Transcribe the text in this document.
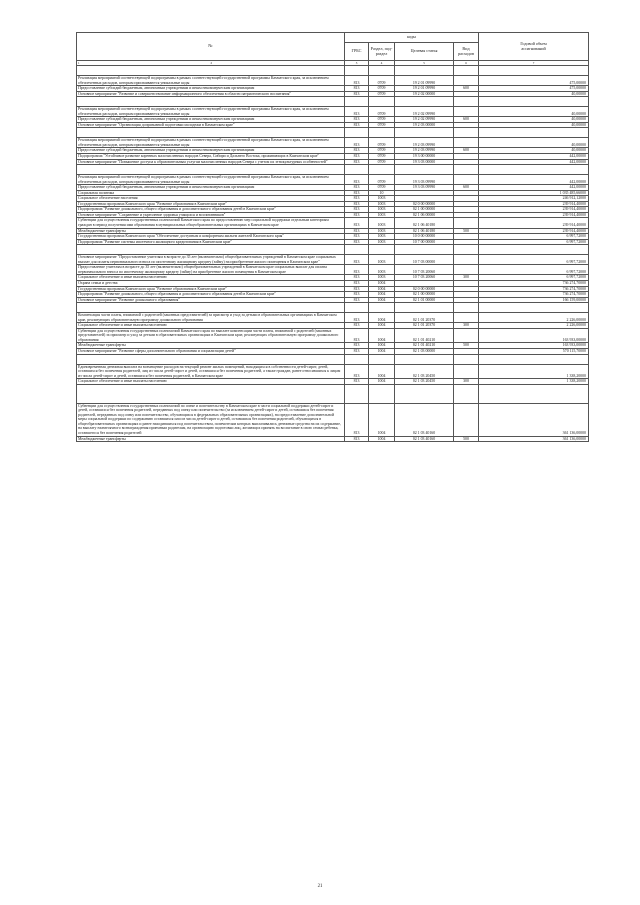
№	коды				Годовой объем
ассигнований
	ГРБС	Раздел, под-
раздел	Целевая статья	Вид
расходов	
1 2	3	4	5	6	7

Реализация мероприятий соответствующей подпрограммы в рамках соответствующей государственной программы Камчатского края, за исключением обеспеченных расходов, которым присваиваются уникальные коды	813	0709	19 2 01 09990		475,00000
Предоставление субсидий бюджетным, автономным учреждениям и иным некоммерческим организациям	813	0709	19 2 01 09990	600	475,00000
Основное мероприятие "Развитие и совершенствование информационного обеспечения в области патриотического воспитания"	813	0709	19 2 02 00000		40,00000

Реализация мероприятий соответствующей подпрограммы в рамках соответствующей государственной программы Камчатского края, за исключением обеспеченных расходов, которым присваиваются уникальные коды	813	0709	19 2 02 09990		40,00000
Предоставление субсидий бюджетным, автономным учреждениям и иным некоммерческим организациям	813	0709	19 2 02 09990	600	40,00000
Основное мероприятие "Организация допризывной подготовки молодежи в Камчатском крае"	813	0709	19 2 03 00000		40,00000

Реализация мероприятий соответствующей подпрограммы в рамках соответствующей государственной программы Камчатского края, за исключением обеспеченных расходов, которым присваиваются уникальные коды	813	0709	19 2 03 09990		40,00000
Предоставление субсидий бюджетным, автономным учреждениям и иным некоммерческим организациям	813	0709	19 2 03 09990	600	40,00000
Подпрограмма "Устойчивое развитие коренных малочисленных народов Севера, Сибири и Дальнего Востока, проживающих в Камчатском крае"	813	0709	19 3 00 00000		442,00000
Основное мероприятие "Повышение доступа к образовательным услугам малочисленных народов Севера с учетом их этнокультурных особенностей"	813	0709	19 3 03 00000		442,00000

Реализация мероприятий соответствующей подпрограммы в рамках соответствующей государственной программы Камчатского края, за исключением обеспеченных расходов, которым присваиваются уникальные коды	813	0709	19 3 03 09990		442,00000
Предоставление субсидий бюджетным, автономным учреждениям и иным некоммерческим организациям	813	0709	19 3 03 09990	600	442,00000
Социальная политика	813	10			1 035 485,66000
Социальное обеспечение населения	813	1003			246 912,12000
Государственная программа Камчатского края "Развитие образования в Камчатском крае"	813	1003	02 0 00 00000		239 914,40000
Подпрограмма "Развитие дошкольного, общего образования и дополнительного образования детей в Камчатском крае"	813	1003	02 1 00 00000		239 914,40000
Основное мероприятие "Сохранение и укрепление здоровья учащихся и воспитанников"	813	1003	02 1 06 00000		239 914,40000
Субвенции для осуществления государственных полномочий Камчатского края по предоставлению мер социальной поддержки отдельным категориям граждан в период получения ими образования в муниципальных общеобразовательных организациях в Камчатском крае	813	1003	02 1 06 40180		239 914,40000
Межбюджетные трансферты	813	1003	02 1 06 40180	500	239 914,40000
Государственная программа Камчатского края "Обеспечение доступным и комфортным жильем жителей Камчатского края"	813	1003	10 0 00 00000		6 997,72000
Подпрограмма "Развитие системы ипотечного жилищного кредитования в Камчатском крае"	813	1003	10 7 00 00000		6 997,72000

Основное мероприятие "Предоставление учителям в возрасте до 35 лет (включительно) общеобразовательных учреждений в Камчатском крае социальных выплат для оплаты первоначального взноса по ипотечному жилищному кредиту (займу) на приобретение жилого помещения в Камчатском крае"	813	1003	10 7 03 00000		6 997,72000
Предоставление учителям в возрасте до 35 лет (включительно) общеобразовательных учреждений в Камчатском крае социальных выплат для оплаты первоначального взноса по ипотечному жилищному кредиту (займу) на приобретение жилого помещения в Камчатском крае	813	1003	10 7 03 20060		6 997,72000
Социальное обеспечение и иные выплаты населению	813	1003	10 7 03 20060	300	6 997,72000
Охрана семьи и детства	813	1004			736 274,70000
Государственная программа Камчатского края "Развитие образования в Камчатском крае"	813	1004	02 0 00 00000		736 274,70000
Подпрограмма "Развитие дошкольного, общего образования и дополнительного образования детей в Камчатском крае"	813	1004	02 1 00 00000		736 274,70000
Основное мероприятие "Развитие дошкольного образования"	813	1004	02 1 01 00000		166 159,00000

Компенсация части платы, взимаемой с родителей (законных представителей) за присмотр и уход за детьми в образовательных организациях в Камчатском крае, реализующих образовательную программу дошкольного образования	813	1004	02 1 01 20370		2 226,00000
Социальное обеспечение и иные выплаты населению	813	1004	02 1 01 20370	300	2 226,00000
Субвенции для осуществления государственных полномочий Камчатского края по выплате компенсации части платы, взимаемой с родителей (законных представителей) за присмотр и уход за детьми в образовательных организациях в Камчатском крае, реализующих образовательную программу дошкольного образования	813	1004	02 1 01 40210		163 933,00000
Межбюджетные трансферты	813	1004	02 1 01 40210	500	163 933,00000
Основное мероприятие "Развитие сферы дополнительного образования и социализации детей"	813	1004	02 1 03 00000		570 115,70000

Единовременная денежная выплата на возмещение расходов на текущий ремонт жилых помещений, находящихся в собственности детей-сирот, детей, оставшихся без попечения родителей, лиц из числа детей-сирот и детей, оставшихся без попечения родителей, а также граждан, ранее относившихся к лицам из числа детей-сирот и детей, оставшихся без попечения родителей, в Камчатском крае	813	1004	02 1 03 20450		1 338,20000
Социальное обеспечение и иные выплаты населению	813	1004	02 1 03 20450	300	1 338,20000

Субвенции для осуществления государственных полномочий по опеке и попечительству в Камчатском крае в части социальной поддержки детей-сирот и детей, оставшихся без попечения родителей, переданных под опеку или попечительство (за исключением детей-сирот и детей, оставшихся без попечения родителей, переданных под опеку или попечительство, обучающихся в федеральных образовательных организациях), на предоставление дополнительной меры социальной поддержки по содержанию оставшихся или из числа детей-сирот и детей, оставшихся без попечения родителей, обучающихся в общеобразовательных организациях и ранее находившихся под попечительством, попечителям которых выплачивались денежные средства на их содержание, на выплату ежемесячного вознаграждения приемным родителям, на организацию подготовки лиц, желающих принять на воспитание в свою семью ребенка, оставшегося без попечения родителей	813	1004	02 1 03 40160		361 136,00000
Межбюджетные трансферты	813	1004	02 1 03 40160	500	361 136,00000
21
